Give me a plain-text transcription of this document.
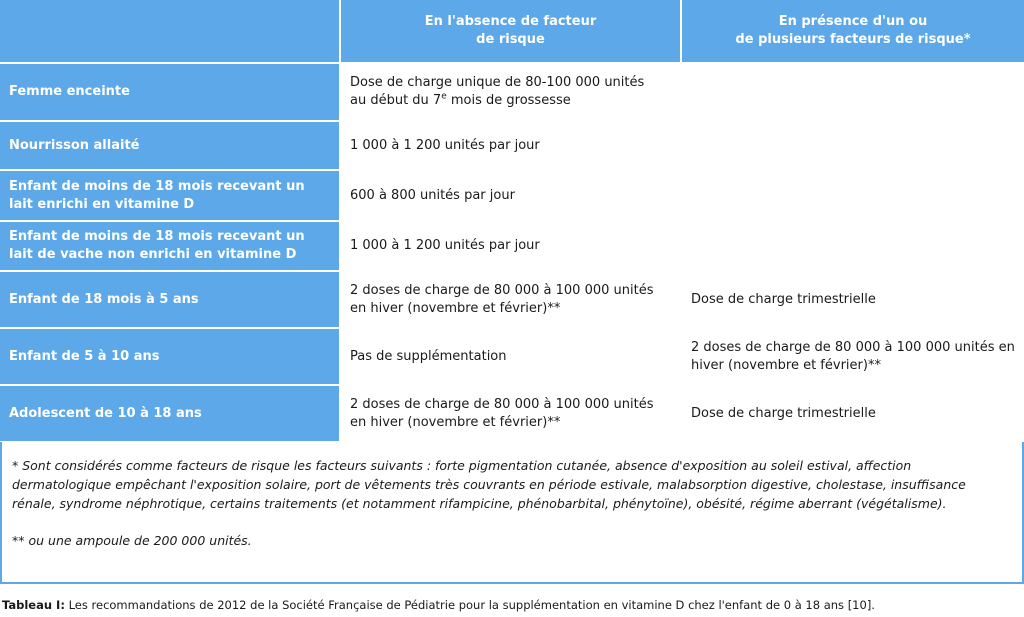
En l'absence de facteur
de risque
En présence d'un ou
de plusieurs facteurs de risque*
Femme enceinte
Dose de charge unique de 80-100 000 unités
au début du 7e mois de grossesse
Nourrisson allaité	1 000 à 1 200 unités par jour
Enfant de moins de 18 mois recevant un lait enrichi en vitamine D
600 à 800 unités par jour
Enfant de moins de 18 mois recevant un lait de vache non enrichi en vitamine D
1 000 à 1 200 unités par jour
Enfant de 18 mois à 5 ans
2 doses de charge de 80 000 à 100 000 unités en hiver (novembre et février)**
Dose de charge trimestrielle
Enfant de 5 à 10 ans	Pas de supplémentation
2 doses de charge de 80 000 à 100 000 unités en hiver (novembre et février)**
Adolescent de 10 à 18 ans
2 doses de charge de 80 000 à 100 000 unités en hiver (novembre et février)**
Dose de charge trimestrielle

* Sont considérés comme facteurs de risque les facteurs suivants : forte pigmentation cutanée, absence d'exposition au soleil estival, affection dermatologique empêchant l'exposition solaire, port de vêtements très couvrants en période estivale, malabsorption digestive, cholestase, insuffisance rénale, syndrome néphrotique, certains traitements (et notamment rifampicine, phénobarbital, phénytoïne), obésité, régime aberrant (végétalisme).

** ou une ampoule de 200 000 unités.

Tableau I: Les recommandations de 2012 de la Société Française de Pédiatrie pour la supplémentation en vitamine D chez l'enfant de 0 à 18 ans [10].
